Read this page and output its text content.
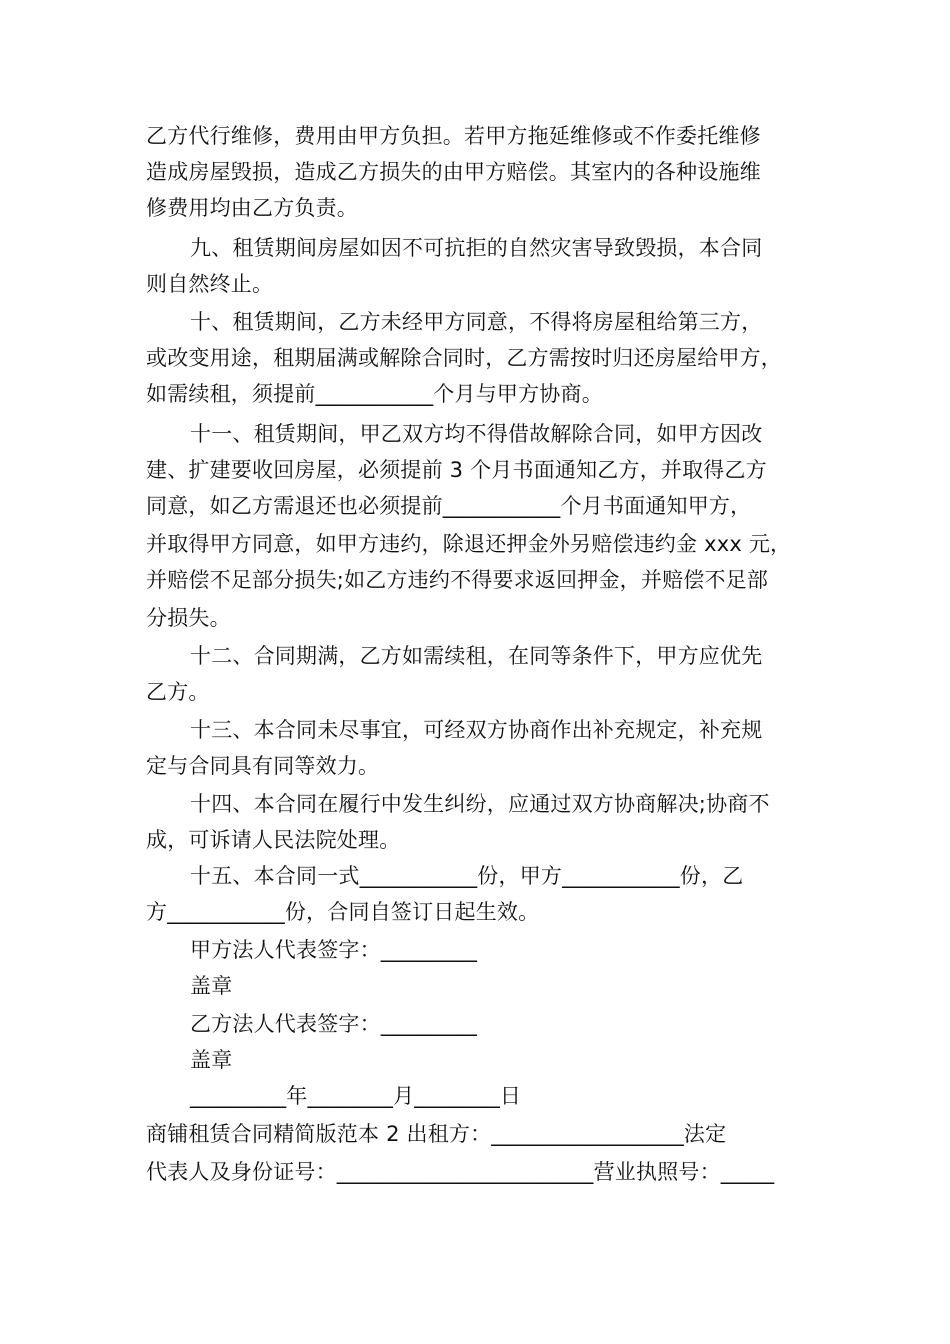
乙方代行维修，费用由甲方负担。若甲方拖延维修或不作委托维修
造成房屋毁损，造成乙方损失的由甲方赔偿。其室内的各种设施维
修费用均由乙方负责。
九、租赁期间房屋如因不可抗拒的自然灾害导致毁损，本合同
则自然终止。
十、租赁期间，乙方未经甲方同意，不得将房屋租给第三方，
或改变用途，租期届满或解除合同时，乙方需按时归还房屋给甲方，
如需续租，须提前___________个月与甲方协商。
十一、租赁期间，甲乙双方均不得借故解除合同，如甲方因改
建、扩建要收回房屋，必须提前 3 个月书面通知乙方，并取得乙方
同意，如乙方需退还也必须提前___________个月书面通知甲方，
并取得甲方同意，如甲方违约，除退还押金外另赔偿违约金 xxx 元，
并赔偿不足部分损失;如乙方违约不得要求返回押金，并赔偿不足部
分损失。
十二、合同期满，乙方如需续租，在同等条件下，甲方应优先
乙方。
十三、本合同未尽事宜，可经双方协商作出补充规定，补充规
定与合同具有同等效力。
十四、本合同在履行中发生纠纷，应通过双方协商解决;协商不
成，可诉请人民法院处理。
十五、本合同一式___________份，甲方___________份，乙
方___________份，合同自签订日起生效。
甲方法人代表签字：_________
盖章
乙方法人代表签字：_________
盖章
_________年________月________日
商铺租赁合同精简版范本 2 出租方：__________________法定
代表人及身份证号：________________________营业执照号：_____
